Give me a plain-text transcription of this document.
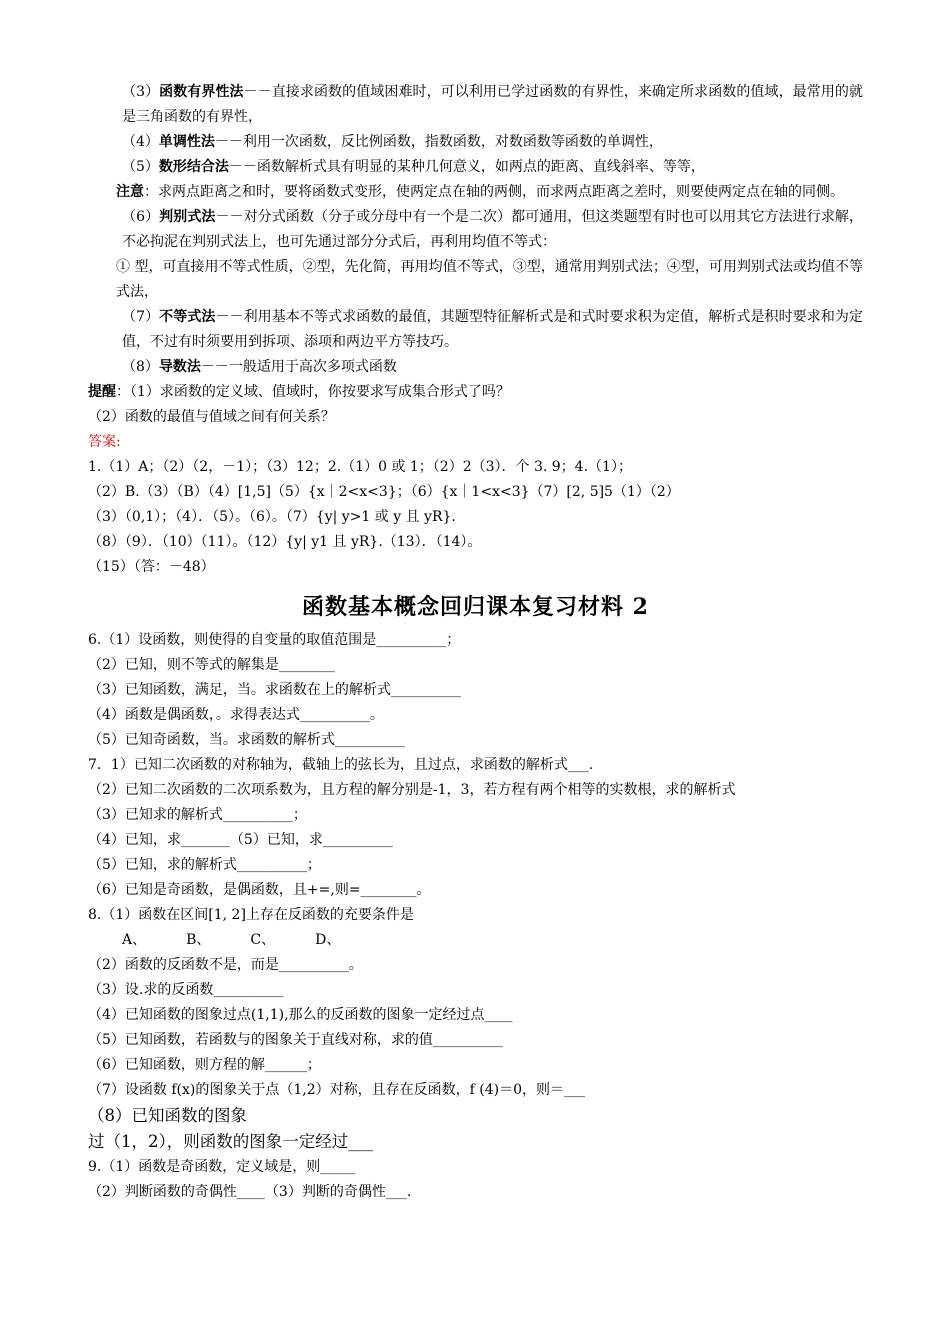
（3）函数有界性法－－直接求函数的值域困难时，可以利用已学过函数的有界性，来确定所求函数的值域，最常用的就是三角函数的有界性，
（4）单调性法－－利用一次函数，反比例函数，指数函数，对数函数等函数的单调性，
（5）数形结合法－－函数解析式具有明显的某种几何意义，如两点的距离、直线斜率、等等，
注意：求两点距离之和时，要将函数式变形，使两定点在轴的两侧，而求两点距离之差时，则要使两定点在轴的同侧。
（6）判别式法－－对分式函数（分子或分母中有一个是二次）都可通用，但这类题型有时也可以用其它方法进行求解，不必拘泥在判别式法上，也可先通过部分分式后，再利用均值不等式：
① 型，可直接用不等式性质，②型，先化简，再用均值不等式，③型，通常用判别式法；④型，可用判别式法或均值不等式法，
（7）不等式法－－利用基本不等式求函数的最值，其题型特征解析式是和式时要求积为定值，解析式是积时要求和为定值，不过有时须要用到拆项、添项和两边平方等技巧。
（8）导数法－－一般适用于高次多项式函数
提醒：（1）求函数的定义域、值域时，你按要求写成集合形式了吗？
（2）函数的最值与值域之间有何关系？
答案:
1.（1）A；（2）（2，－1）；（3）12；2.（1）0 或 1；（2）2（3）．个 3. 9；4.（1）；
（2）B.（3）（B）（4）[1,5]（5）{x｜2<x<3}；（6）{x｜1<x<3}（7）[2, 5]5（1）（2）
（3）（0,1）；（4）．（5）。（6）。（7）{y| y>1 或 y 且 yR}.
（8）（9）．（10）（11）。（12）{y| y1 且 yR}.（13）．（14）。
（15）（答：－48）
函数基本概念回归课本复习材料 2
6.（1）设函数，则使得的自变量的取值范围是__________；
（2）已知，则不等式的解集是________
（3）已知函数，满足，当。求函数在上的解析式__________
（4）函数是偶函数，。求得表达式__________。
（5）已知奇函数，当。求函数的解析式__________
7．1）已知二次函数的对称轴为，截轴上的弦长为，且过点，求函数的解析式___.
（2）已知二次函数的二次项系数为，且方程的解分别是-1，3，若方程有两个相等的实数根，求的解析式
（3）已知求的解析式__________；
（4）已知，求_______（5）已知，求__________
（5）已知，求的解析式__________；
（6）已知是奇函数，是偶函数，且+=,则=________。
8.（1）函数在区间[1, 2]上存在反函数的充要条件是
A、	B、	C、	D、
（2）函数的反函数不是，而是__________。
（3）设.求的反函数__________
（4）已知函数的图象过点(1,1),那么的反函数的图象一定经过点____
（5）已知函数，若函数与的图象关于直线对称，求的值__________
（6）已知函数，则方程的解______；
（7）设函数 f(x)的图象关于点（1,2）对称，且存在反函数，f (4)＝0，则＝___
（8）已知函数的图象
过（1，2），则函数的图象一定经过___
9.（1）函数是奇函数，定义域是，则_____
（2）判断函数的奇偶性____（3）判断的奇偶性___.
